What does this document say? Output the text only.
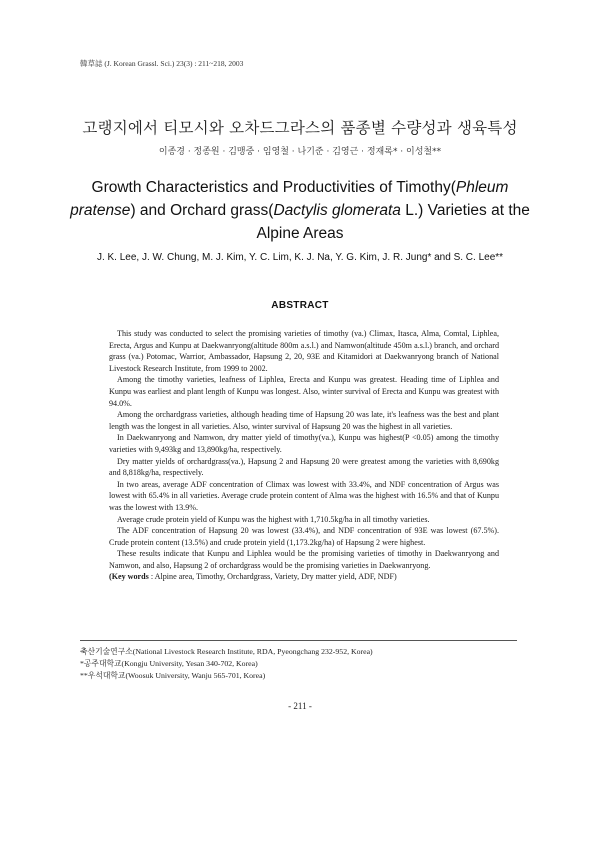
韓草誌 (J. Korean Grassl. Sci.) 23(3) : 211~218, 2003
고랭지에서 티모시와 오차드그라스의 품종별 수량성과 생육특성
이종경 · 정종원 · 김맹중 · 임영철 · 나기준 · 김영근 · 정재록* · 이성철**
Growth Characteristics and Productivities of Timothy(Phleum pratense) and Orchard grass(Dactylis glomerata L.) Varieties at the Alpine Areas
J. K. Lee, J. W. Chung, M. J. Kim, Y. C. Lim, K. J. Na, Y. G. Kim, J. R. Jung* and S. C. Lee**
ABSTRACT

This study was conducted to select the promising varieties of timothy (va.) Climax, Itasca, Alma, Comtal, Liphlea, Erecta, Argus and Kunpu at Daekwanryong(altitude 800m a.s.l.) and Namwon(altitude 450m a.s.l.) branch, and orchard grass (va.) Potomac, Warrior, Ambassador, Hapsung 2, 20, 93E and Kitamidori at Daekwanryong branch of National Livestock Research Institute, from 1999 to 2002.

Among the timothy varieties, leafness of Liphlea, Erecta and Kunpu was greatest. Heading time of Liphlea and Kunpu was earliest and plant length of Kunpu was longest. Also, winter survival of Erecta and Kunpu was greatest with 94.0%.

Among the orchardgrass varieties, although heading time of Hapsung 20 was late, it's leafness was the best and plant length was the longest in all varieties. Also, winter survival of Hapsung 20 was the highest in all varieties.

In Daekwanryong and Namwon, dry matter yield of timothy(va.), Kunpu was highest(P <0.05) among the timothy varieties with 9,493kg and 13,890kg/ha, respectively.

Dry matter yields of orchardgrass(va.), Hapsung 2 and Hapsung 20 were greatest among the varieties with 8,690kg and 8,818kg/ha, respectively.

In two areas, average ADF concentration of Climax was lowest with 33.4%, and NDF concentration of Argus was lowest with 65.4% in all varieties. Average crude protein content of Alma was the highest with 16.5% and that of Kunpu was the lowest with 13.9%.

Average crude protein yield of Kunpu was the highest with 1,710.5kg/ha in all timothy varieties.

The ADF concentration of Hapsung 20 was lowest (33.4%), and NDF concentration of 93E was lowest (67.5%). Crude protein content (13.5%) and crude protein yield (1,173.2kg/ha) of Hapsung 2 were highest.

These results indicate that Kunpu and Liphlea would be the promising varieties of timothy in Daekwanryong and Namwon, and also, Hapsung 2 of orchardgrass would be the promising varieties in Daekwanryong.

(Key words : Alpine area, Timothy, Orchardgrass, Variety, Dry matter yield, ADF, NDF)

축산기술연구소(National Livestock Research Institute, RDA, Pyeongchang 232-952, Korea)
*공주대학교(Kongju University, Yesan 340-702, Korea)
**우석대학교(Woosuk University, Wanju 565-701, Korea)
- 211 -
